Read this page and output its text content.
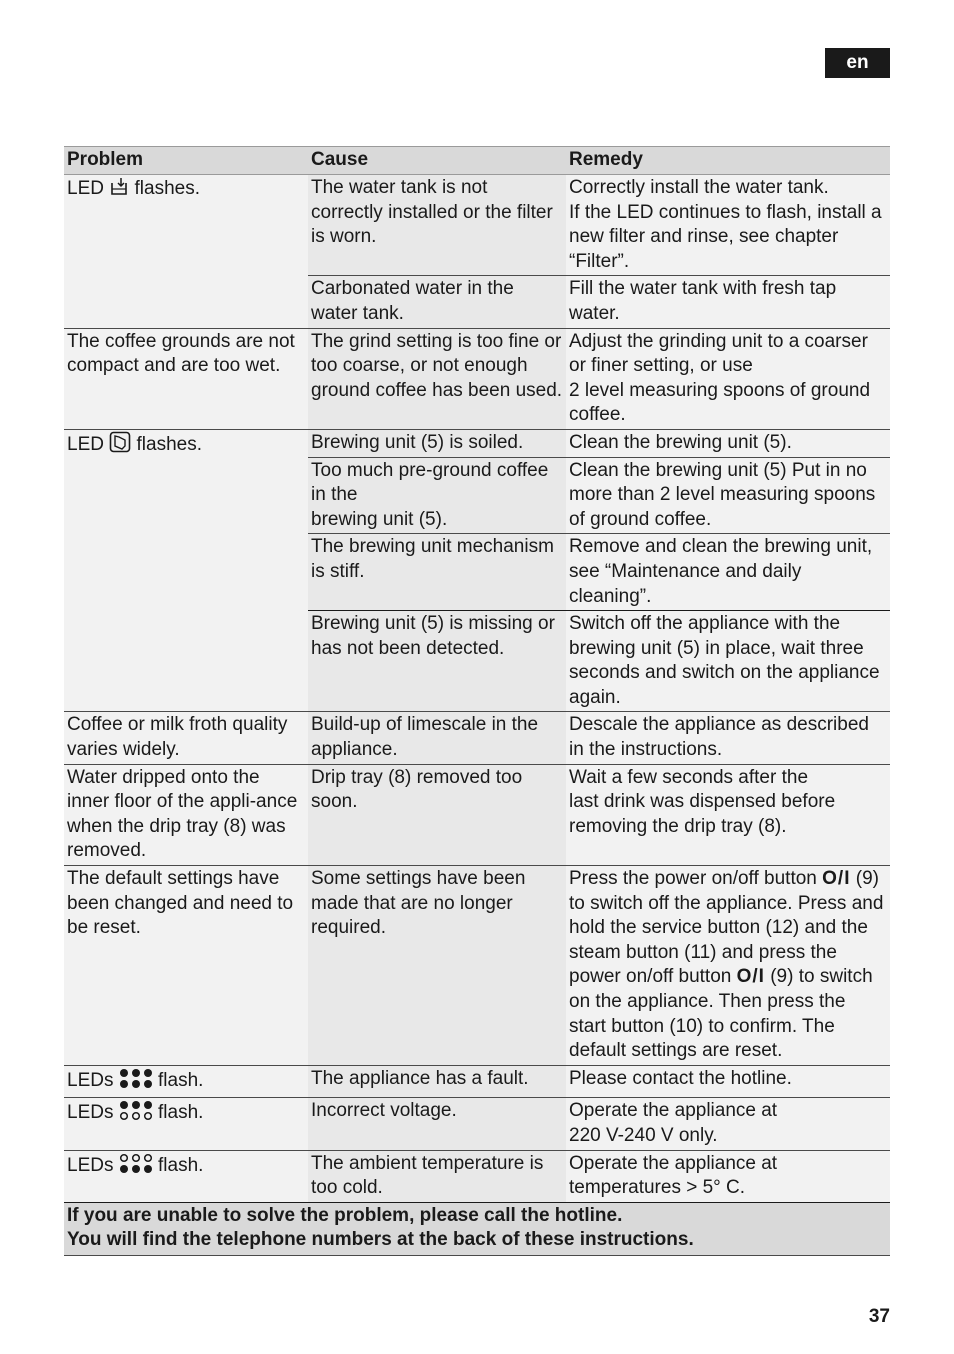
en
Problem	Cause	Remedy
LED flashes.	The water tank is not correctly installed or the filter is worn.	Correctly install the water tank.
If the LED continues to flash, install a new filter and rinse, see chapter “Filter”.

	Carbonated water in the water tank.	Fill the water tank with fresh tap water.
The coffee grounds are not compact and are too wet.	The grind setting is too fine or too coarse, or not enough ground coffee has been used.	Adjust the grinding unit to a coarser or finer setting, or use
2 level measuring spoons of ground coffee.

LED flashes.	Brewing unit (5) is soiled.	Clean the brewing unit (5).

	Too much pre-ground coffee in the
brewing unit (5).	Clean the brewing unit (5) Put in no more than 2 level measuring spoons of ground coffee.
	The brewing unit mechanism is stiff.	Remove and clean the brewing unit, see “Maintenance and daily cleaning”.
	Brewing unit (5) is missing or has not been detected.	Switch off the appliance with the brewing unit (5) in place, wait three seconds and switch on the appliance again.

Coffee or milk froth quality varies widely.	Build-up of limescale in the appliance.	Descale the appliance as described in the instructions.
Water dripped onto the inner floor of the appli-ance when the drip tray (8) was removed.	Drip tray (8) removed too soon.	Wait a few seconds after the
last drink was dispensed before removing the drip tray (8).

The default settings have been changed and need to be reset.	Some settings have been made that are no longer required.	Press the power on/off button O/I (9) to switch off the appliance. Press and hold the service button (12) and the steam button (11) and press the power on/off button O/I (9) to switch on the appliance. Then press the start button (10) to confirm. The default settings are reset.
LEDs flash.	The appliance has a fault.	Please contact the hotline.
LEDs flash.	Incorrect voltage.	Operate the appliance at
220 V-240 V only.

LEDs flash.	The ambient temperature is too cold.	Operate the appliance at
temperatures > 5° C.

If you are unable to solve the problem, please call the hotline.
You will find the telephone numbers at the back of these instructions.		
37
